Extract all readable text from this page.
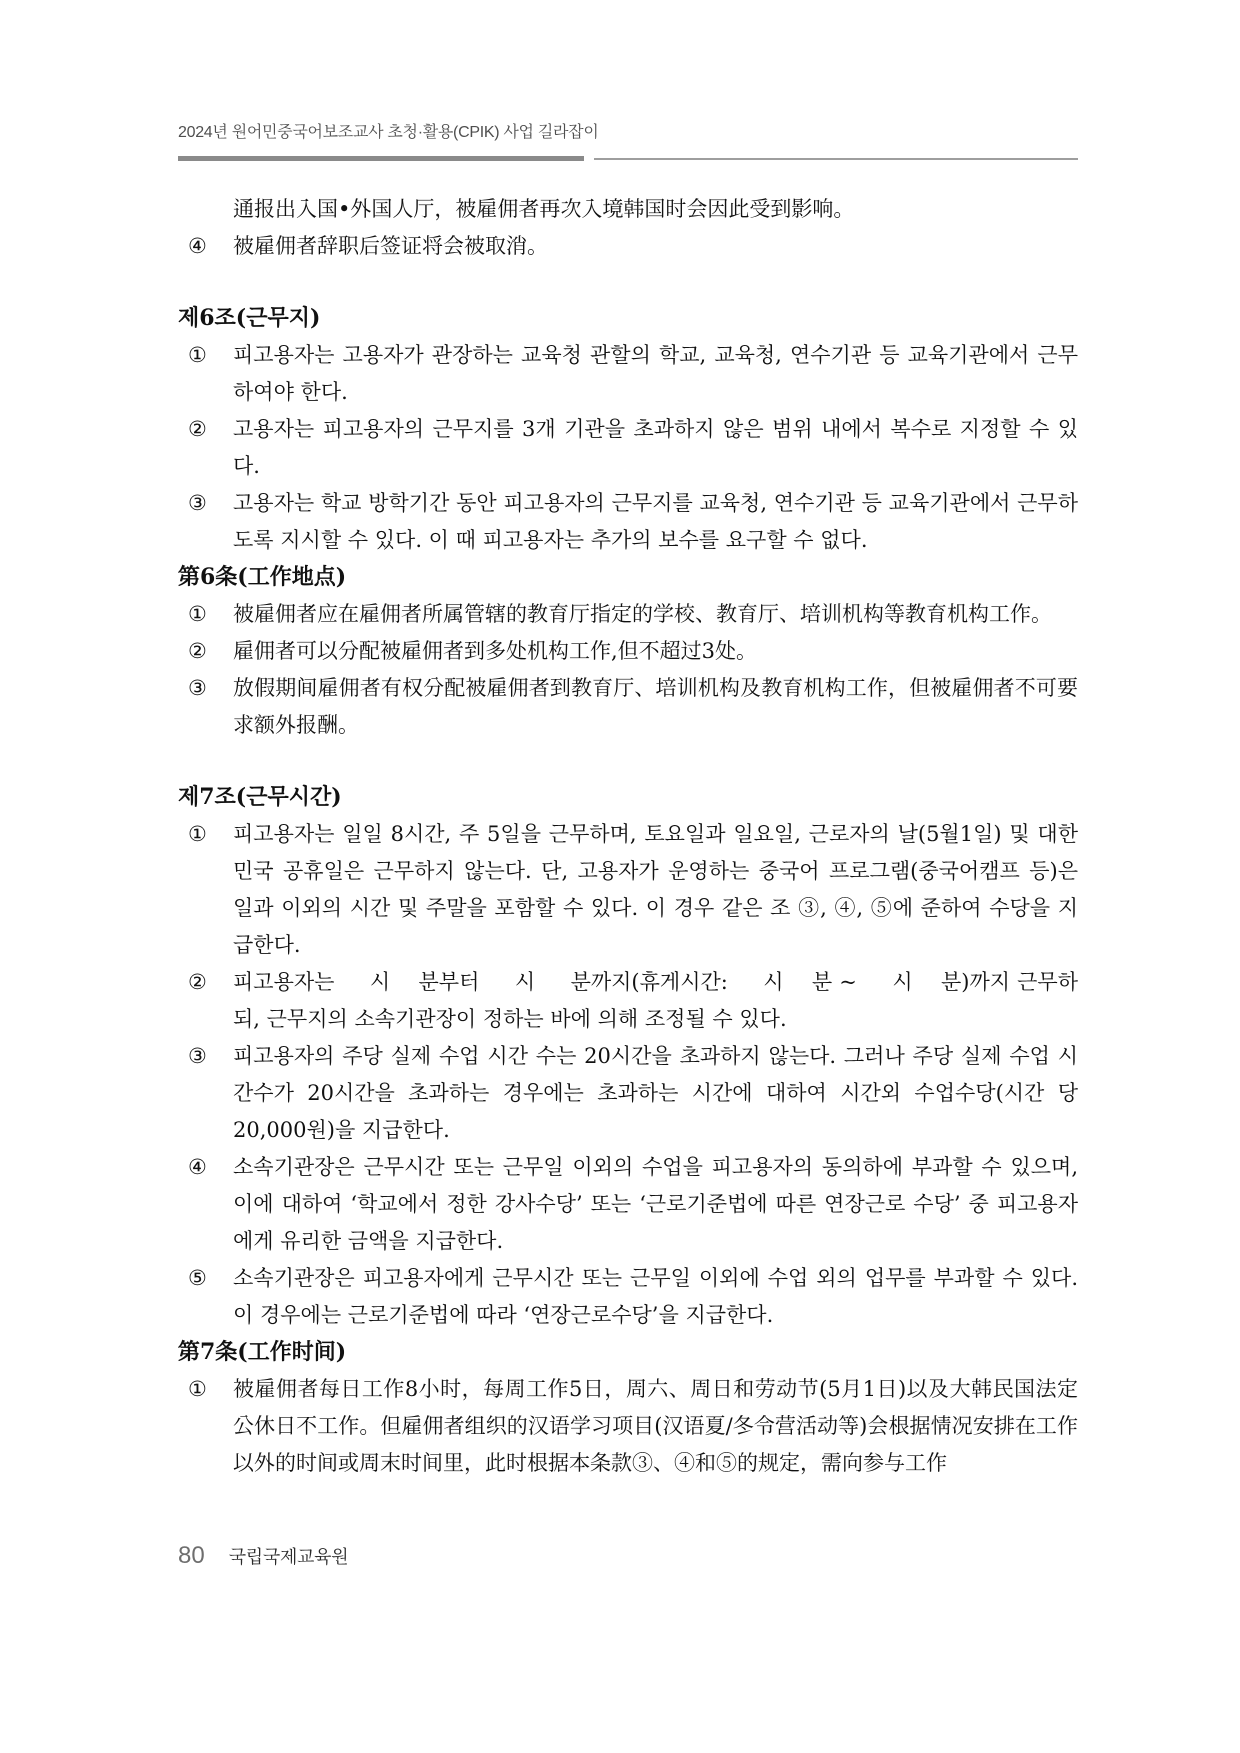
2024년 원어민중국어보조교사 초청·활용(CPIK) 사업 길라잡이

通报出入国•外国人厅，被雇佣者再次入境韩国时会因此受到影响。

④	被雇佣者辞职后签证将会被取消。
제6조(근무지)
①	피고용자는 고용자가 관장하는 교육청 관할의 학교, 교육청, 연수기관 등 교육기관에서 근무하여야 한다.
②	고용자는 피고용자의 근무지를 3개 기관을 초과하지 않은 범위 내에서 복수로 지정할 수 있다.
③	고용자는 학교 방학기간 동안 피고용자의 근무지를 교육청, 연수기관 등 교육기관에서 근무하도록 지시할 수 있다. 이 때 피고용자는 추가의 보수를 요구할 수 없다.
第6条(工作地点)
①	被雇佣者应在雇佣者所属管辖的教育厅指定的学校、教育厅、培训机构等教育机构工作。
②	雇佣者可以分配被雇佣者到多处机构工作,但不超过3处。
③	放假期间雇佣者有权分配被雇佣者到教育厅、培训机构及教育机构工作，但被雇佣者不可要求额外报酬。
제7조(근무시간)
①	피고용자는 일일 8시간, 주 5일을 근무하며, 토요일과 일요일, 근로자의 날(5월1일) 및 대한민국 공휴일은 근무하지 않는다. 단, 고용자가 운영하는 중국어 프로그램(중국어캠프 등)은 일과 이외의 시간 및 주말을 포함할 수 있다. 이 경우 같은 조 ③, ④, ⑤에 준하여 수당을 지급한다.
②	피고용자는     시    분부터     시     분까지(휴게시간:     시    분 ~     시    분)까지 근무하되, 근무지의 소속기관장이 정하는 바에 의해 조정될 수 있다.
③	피고용자의 주당 실제 수업 시간 수는 20시간을 초과하지 않는다. 그러나 주당 실제 수업 시간수가 20시간을 초과하는 경우에는 초과하는 시간에 대하여 시간외 수업수당(시간 당 20,000원)을 지급한다.
④	소속기관장은 근무시간 또는 근무일 이외의 수업을 피고용자의 동의하에 부과할 수 있으며, 이에 대하여 ‘학교에서 정한 강사수당’ 또는 ‘근로기준법에 따른 연장근로 수당’ 중 피고용자에게 유리한 금액을 지급한다.
⑤	소속기관장은 피고용자에게 근무시간 또는 근무일 이외에 수업 외의 업무를 부과할 수 있다. 이 경우에는 근로기준법에 따라 ‘연장근로수당’을 지급한다.
第7条(工作时间)
①	被雇佣者每日工作8小时，每周工作5日，周六、周日和劳动节(5月1日)以及大韩民国法定公休日不工作。但雇佣者组织的汉语学习项目(汉语夏/冬令营活动等)会根据情况安排在工作以外的时间或周末时间里，此时根据本条款③、④和⑤的规定，需向参与工作
80 국립국제교육원
